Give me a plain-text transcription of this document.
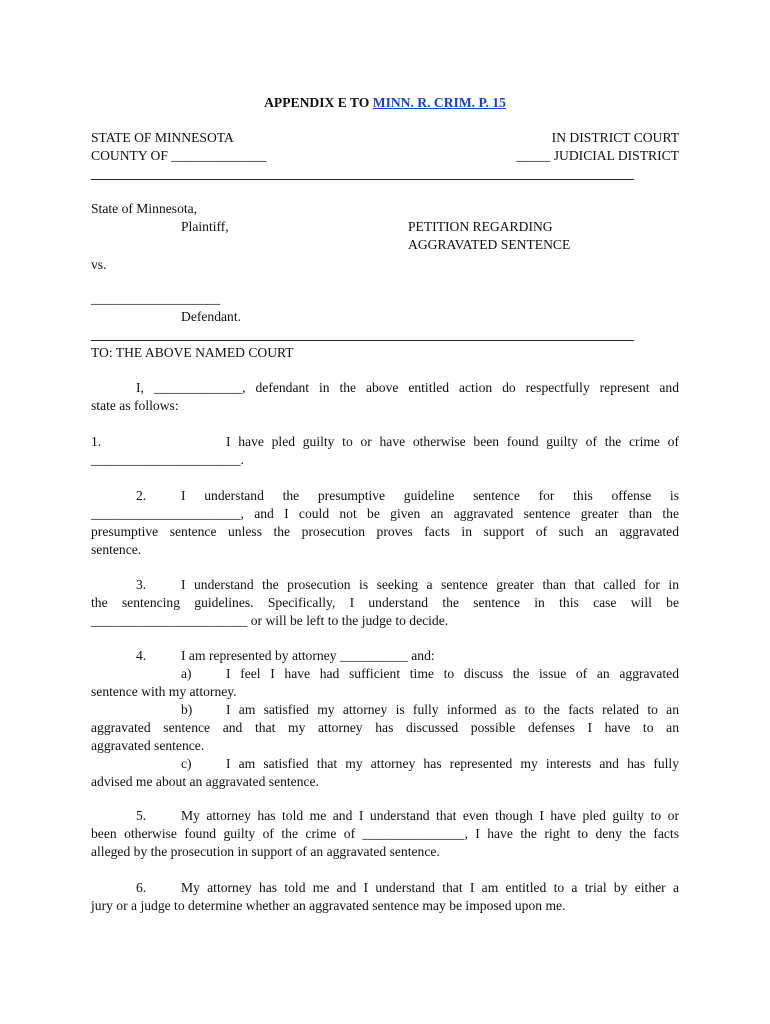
APPENDIX E TO MINN. R. CRIM. P. 15
STATE OF MINNESOTA
COUNTY OF ______________
IN DISTRICT COURT
_____ JUDICIAL DISTRICT
State of Minnesota,
Plaintiff,	PETITION REGARDING
AGGRAVATED SENTENCE
vs.
___________________
Defendant.
TO: THE ABOVE NAMED COURT
I, _____________, defendant in the above entitled action do respectfully represent and
state as follows:
1.	I have pled guilty to or have otherwise been found guilty of the crime of
______________________.
2.	I understand the presumptive guideline sentence for this offense is
______________________, and I could not be given an aggravated sentence greater than the
presumptive sentence unless the prosecution proves facts in support of such an aggravated
sentence.
3.	I understand the prosecution is seeking a sentence greater than that called for in
the sentencing guidelines. Specifically, I understand the sentence in this case will be
_______________________ or will be left to the judge to decide.
4.	I am represented by attorney __________ and:
a)	I feel I have had sufficient time to discuss the issue of an aggravated
sentence with my attorney.
b)	I am satisfied my attorney is fully informed as to the facts related to an
aggravated sentence and that my attorney has discussed possible defenses I have to an
aggravated sentence.
c)	I am satisfied that my attorney has represented my interests and has fully
advised me about an aggravated sentence.
5.	My attorney has told me and I understand that even though I have pled guilty to or
been otherwise found guilty of the crime of _______________, I have the right to deny the facts
alleged by the prosecution in support of an aggravated sentence.
6.	My attorney has told me and I understand that I am entitled to a trial by either a
jury or a judge to determine whether an aggravated sentence may be imposed upon me.
